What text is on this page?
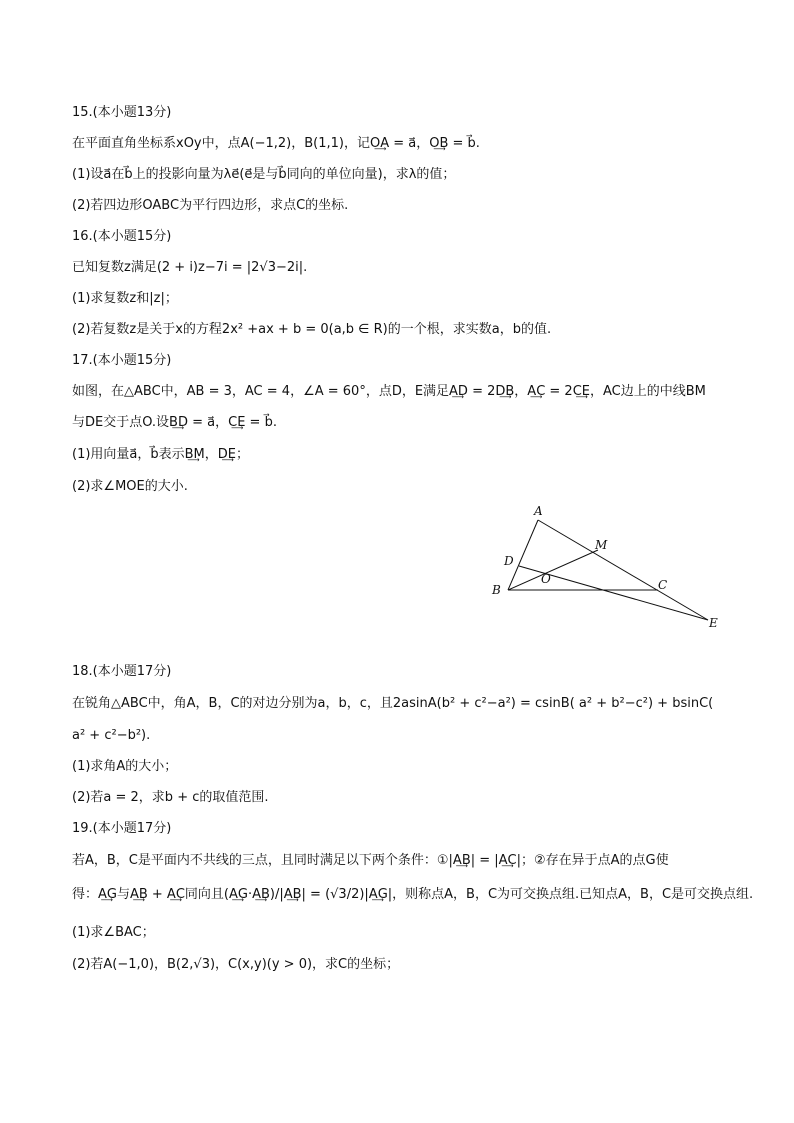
15.(本小题13分)
在平面直角坐标系xOy中，点A(−1,2)，B(1,1)，记O͢A = a⃗，O͢B = b⃗.
(1)设a⃗在b⃗上的投影向量为λe⃗(e⃗是与b⃗同向的单位向量)，求λ的值；
(2)若四边形OABC为平行四边形，求点C的坐标.
16.(本小题15分)
已知复数z满足(2 + i)z−7i = |2√3−2i|.
(1)求复数z和|z|；
(2)若复数z是关于x的方程2x² +ax + b = 0(a,b ∈ R)的一个根，求实数a，b的值.
17.(本小题15分)
如图，在△ABC中，AB = 3，AC = 4，∠A = 60°，点D，E满足A͢D = 2D͢B，A͢C = 2C͢E，AC边上的中线BM
与DE交于点O.设B͢D = a⃗，C͢E = b⃗.
(1)用向量a⃗，b⃗表示B͢M，D͢E；
(2)求∠MOE的大小.
A
B	C
D
E
M
O
18.(本小题17分)
在锐角△ABC中，角A，B，C的对边分别为a，b，c，且2asinA(b² + c²−a²) = csinB( a² + b²−c²) + bsinC(
a² + c²−b²).
(1)求角A的大小；
(2)若a = 2，求b + c的取值范围.
19.(本小题17分)
若A，B，C是平面内不共线的三点，且同时满足以下两个条件：①|A͢B| = |A͢C|；②存在异于点A的点G使
得：A͢G与A͢B + A͢C同向且(A͢G·A͢B)/|A͢B| = (√3/2)|A͢G|，则称点A，B，C为可交换点组.已知点A，B，C是可交换点组.
(1)求∠BAC；
(2)若A(−1,0)，B(2,√3)，C(x,y)(y > 0)，求C的坐标；
